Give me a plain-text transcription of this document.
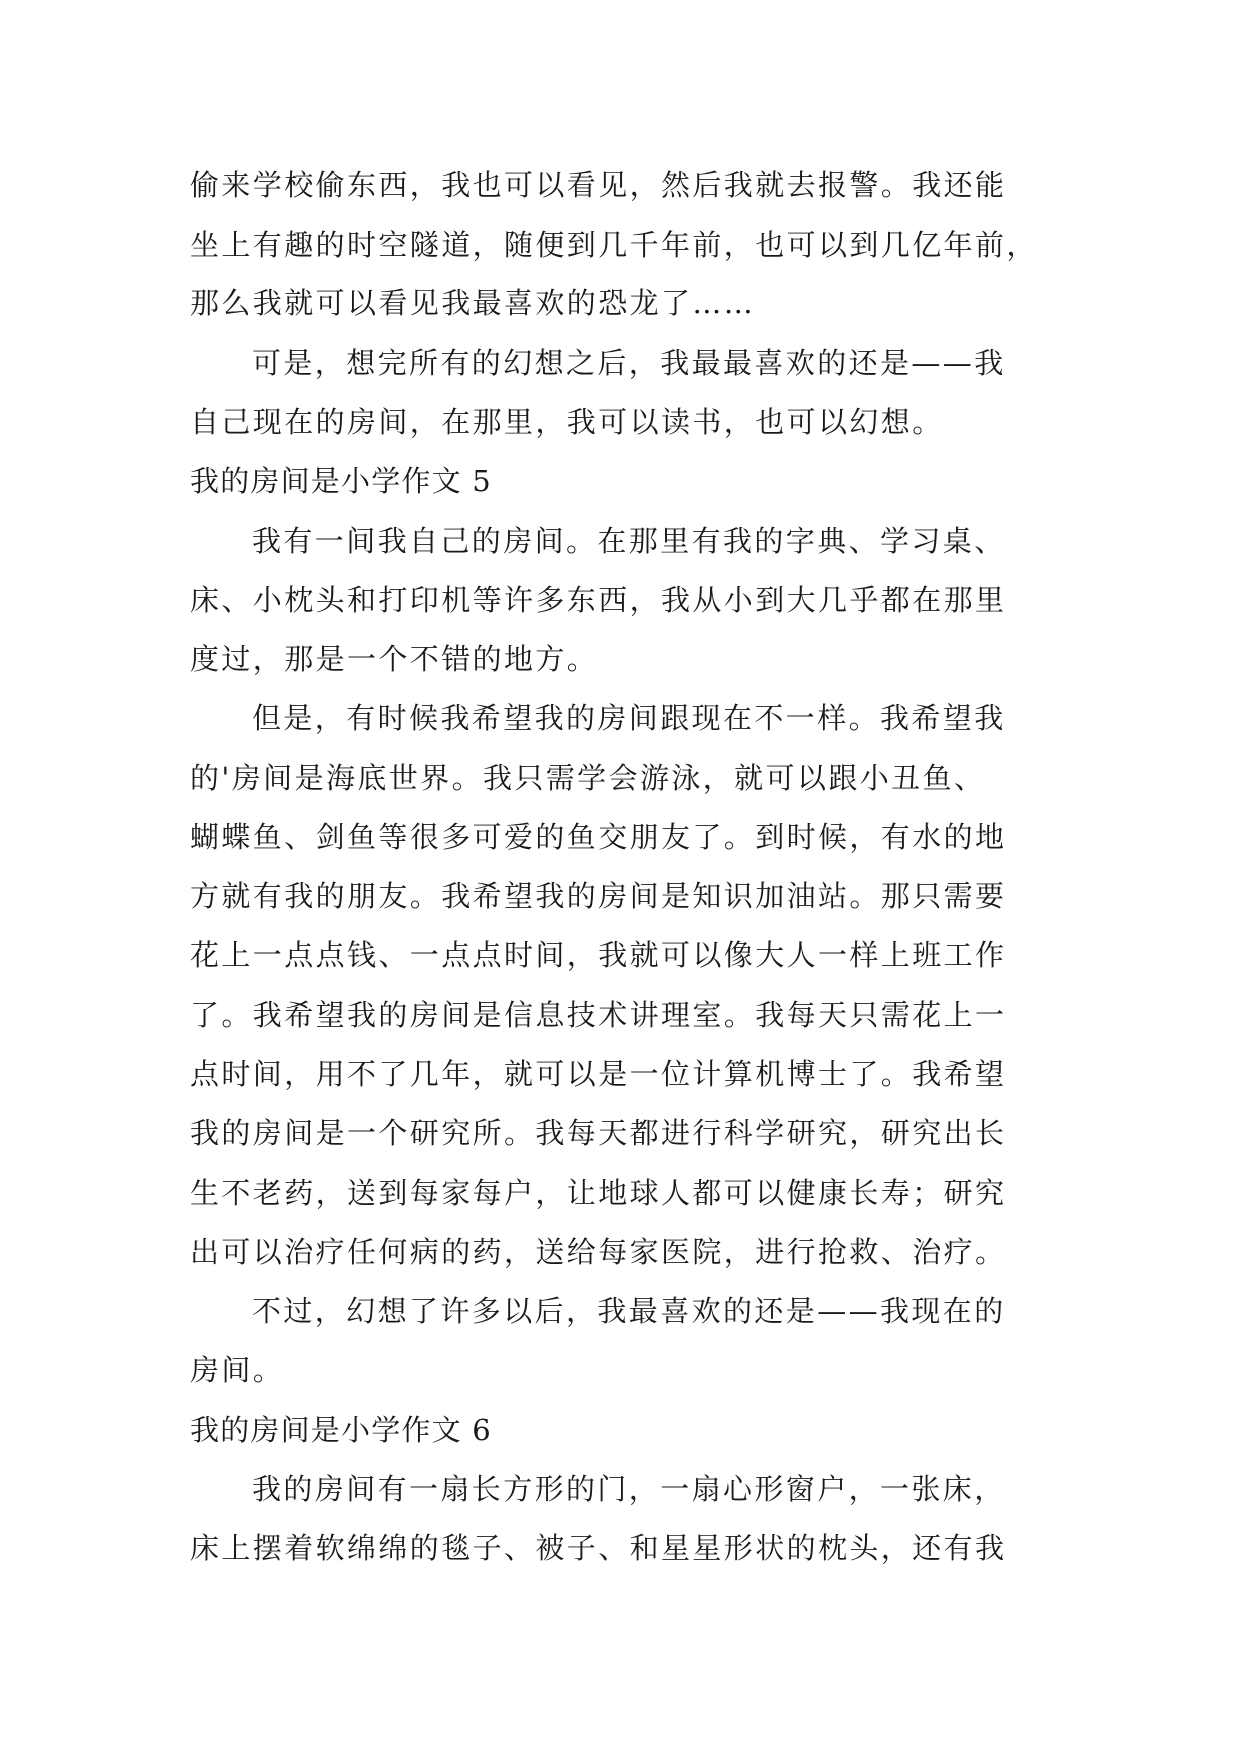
偷来学校偷东西，我也可以看见，然后我就去报警。我还能
坐上有趣的时空隧道，随便到几千年前，也可以到几亿年前，
那么我就可以看见我最喜欢的恐龙了……
可是，想完所有的幻想之后，我最最喜欢的还是——我
自己现在的房间，在那里，我可以读书，也可以幻想。
我的房间是小学作文 5
我有一间我自己的房间。在那里有我的字典、学习桌、
床、小枕头和打印机等许多东西，我从小到大几乎都在那里
度过，那是一个不错的地方。
但是，有时候我希望我的房间跟现在不一样。我希望我
的'房间是海底世界。我只需学会游泳，就可以跟小丑鱼、
蝴蝶鱼、剑鱼等很多可爱的鱼交朋友了。到时候，有水的地
方就有我的朋友。我希望我的房间是知识加油站。那只需要
花上一点点钱、一点点时间，我就可以像大人一样上班工作
了。我希望我的房间是信息技术讲理室。我每天只需花上一
点时间，用不了几年，就可以是一位计算机博士了。我希望
我的房间是一个研究所。我每天都进行科学研究，研究出长
生不老药，送到每家每户，让地球人都可以健康长寿；研究
出可以治疗任何病的药，送给每家医院，进行抢救、治疗。
不过，幻想了许多以后，我最喜欢的还是——我现在的
房间。
我的房间是小学作文 6
我的房间有一扇长方形的门，一扇心形窗户，一张床，
床上摆着软绵绵的毯子、被子、和星星形状的枕头，还有我
